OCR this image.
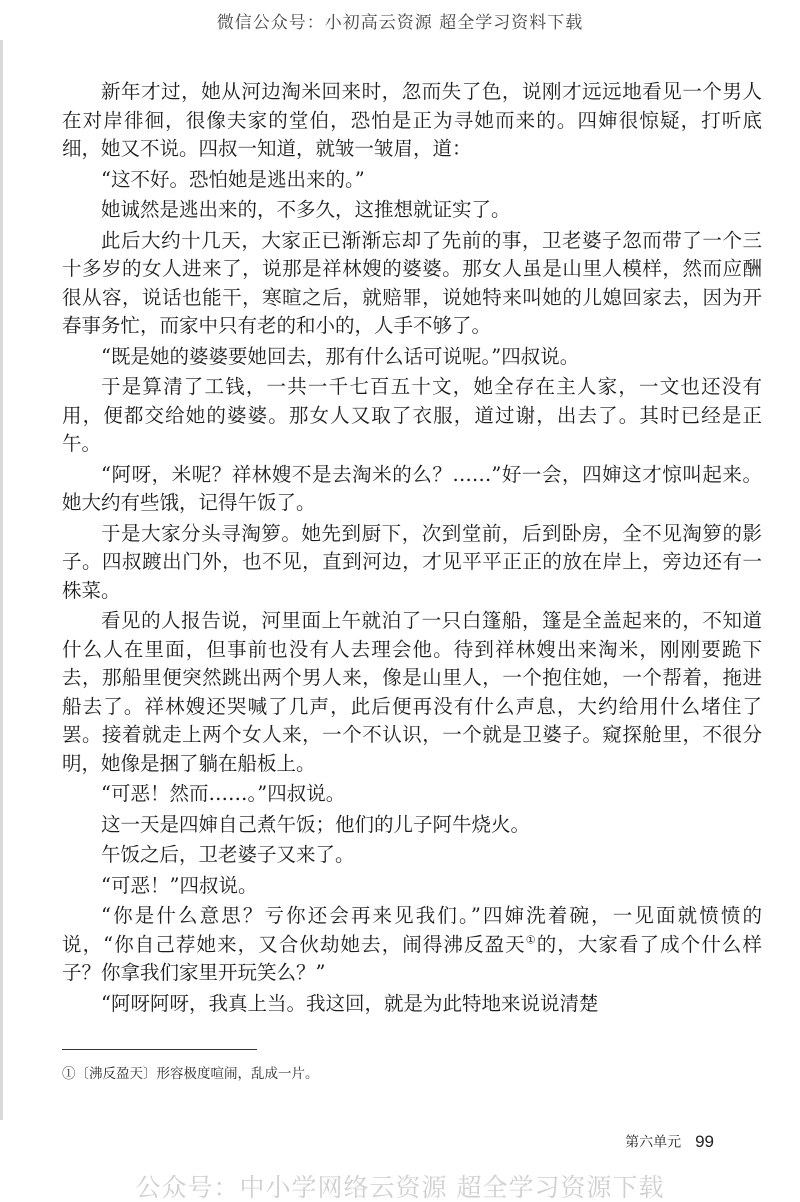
微信公众号：小初高云资源 超全学习资料下载

新年才过，她从河边淘米回来时，忽而失了色，说刚才远远地看见一个男人在对岸徘徊，很像夫家的堂伯，恐怕是正为寻她而来的。四婶很惊疑，打听底细，她又不说。四叔一知道，就皱一皱眉，道：

“这不好。恐怕她是逃出来的。”

她诚然是逃出来的，不多久，这推想就证实了。

此后大约十几天，大家正已渐渐忘却了先前的事，卫老婆子忽而带了一个三十多岁的女人进来了，说那是祥林嫂的婆婆。那女人虽是山里人模样，然而应酬很从容，说话也能干，寒暄之后，就赔罪，说她特来叫她的儿媳回家去，因为开春事务忙，而家中只有老的和小的，人手不够了。

“既是她的婆婆要她回去，那有什么话可说呢。”四叔说。

于是算清了工钱，一共一千七百五十文，她全存在主人家，一文也还没有用，便都交给她的婆婆。那女人又取了衣服，道过谢，出去了。其时已经是正午。

“阿呀，米呢？祥林嫂不是去淘米的么？……”好一会，四婶这才惊叫起来。她大约有些饿，记得午饭了。

于是大家分头寻淘箩。她先到厨下，次到堂前，后到卧房，全不见淘箩的影子。四叔踱出门外，也不见，直到河边，才见平平正正的放在岸上，旁边还有一株菜。

看见的人报告说，河里面上午就泊了一只白篷船，篷是全盖起来的，不知道什么人在里面，但事前也没有人去理会他。待到祥林嫂出来淘米，刚刚要跪下去，那船里便突然跳出两个男人来，像是山里人，一个抱住她，一个帮着，拖进船去了。祥林嫂还哭喊了几声，此后便再没有什么声息，大约给用什么堵住了罢。接着就走上两个女人来，一个不认识，一个就是卫婆子。窥探舱里，不很分明，她像是捆了躺在船板上。

“可恶！然而……。”四叔说。

这一天是四婶自己煮午饭；他们的儿子阿牛烧火。

午饭之后，卫老婆子又来了。

“可恶！”四叔说。

“你是什么意思？亏你还会再来见我们。”四婶洗着碗，一见面就愤愤的说，“你自己荐她来，又合伙劫她去，闹得沸反盈天①的，大家看了成个什么样子？你拿我们家里开玩笑么？”

“阿呀阿呀，我真上当。我这回，就是为此特地来说说清楚

①〔沸反盈天〕形容极度喧闹，乱成一片。
第六单元 99
公众号：中小学网络云资源 超全学习资源下载
